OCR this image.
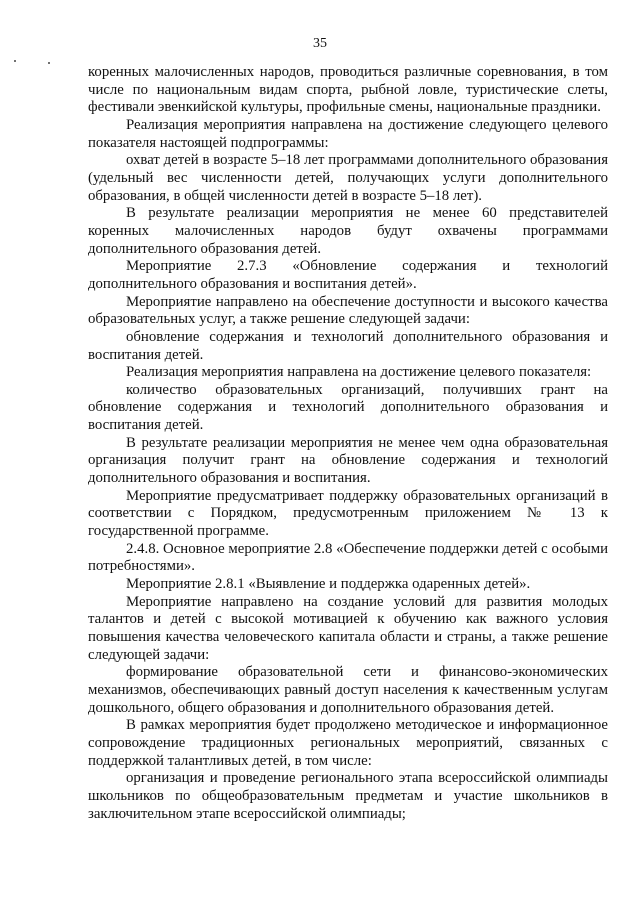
35

коренных малочисленных народов, проводиться различные соревнования, в том числе по национальным видам спорта, рыбной ловле, туристические слеты, фестивали эвенкийской культуры, профильные смены, национальные праздники.

Реализация мероприятия направлена на достижение следующего целевого показателя настоящей подпрограммы:

охват детей в возрасте 5–18 лет программами дополнительного образования (удельный вес численности детей, получающих услуги дополнительного образования, в общей численности детей в возрасте 5–18 лет).

В результате реализации мероприятия не менее 60 представителей коренных малочисленных народов будут охвачены программами дополнительного образования детей.

Мероприятие 2.7.3 «Обновление содержания и технологий дополнительного образования и воспитания детей».

Мероприятие направлено на обеспечение доступности и высокого качества образовательных услуг, а также решение следующей задачи:

обновление содержания и технологий дополнительного образования и воспитания детей.

Реализация мероприятия направлена на достижение целевого показателя:

количество образовательных организаций, получивших грант на обновление содержания и технологий дополнительного образования и воспитания детей.

В результате реализации мероприятия не менее чем одна образовательная организация получит грант на обновление содержания и технологий дополнительного образования и воспитания.

Мероприятие предусматривает поддержку образовательных организаций в соответствии с Порядком, предусмотренным приложением № 13 к государственной программе.

2.4.8. Основное мероприятие 2.8 «Обеспечение поддержки детей с особыми потребностями».

Мероприятие 2.8.1 «Выявление и поддержка одаренных детей».

Мероприятие направлено на создание условий для развития молодых талантов и детей с высокой мотивацией к обучению как важного условия повышения качества человеческого капитала области и страны, а также решение следующей задачи:

формирование образовательной сети и финансово-экономических механизмов, обеспечивающих равный доступ населения к качественным услугам дошкольного, общего образования и дополнительного образования детей.

В рамках мероприятия будет продолжено методическое и информационное сопровождение традиционных региональных мероприятий, связанных с поддержкой талантливых детей, в том числе:

организация и проведение регионального этапа всероссийской олимпиады школьников по общеобразовательным предметам и участие школьников в заключительном этапе всероссийской олимпиады;
